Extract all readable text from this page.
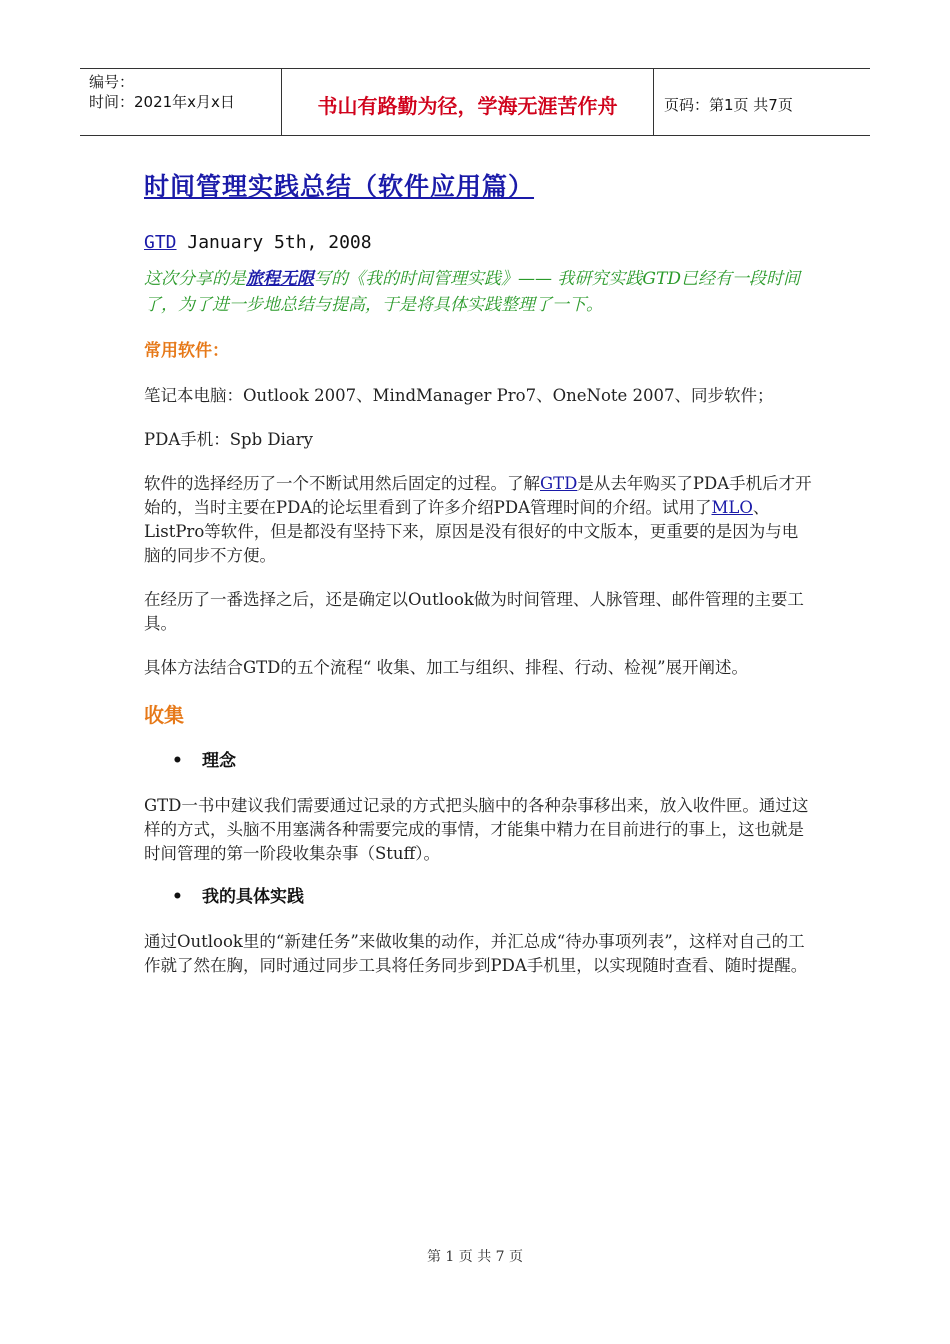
编号：
时间：2021年x月x日	书山有路勤为径，学海无涯苦作舟	页码：第1页 共7页
时间管理实践总结（软件应用篇）
GTD January 5th, 2008
这次分享的是旅程无限写的《我的时间管理实践》—— 我研究实践GTD已经有一段时间了，为了进一步地总结与提高，于是将具体实践整理了一下。
常用软件：

笔记本电脑：Outlook 2007、MindManager Pro7、OneNote 2007、同步软件；

PDA手机：Spb Diary

软件的选择经历了一个不断试用然后固定的过程。了解GTD是从去年购买了PDA手机后才开始的，当时主要在PDA的论坛里看到了许多介绍PDA管理时间的介绍。试用了MLO、ListPro等软件，但是都没有坚持下来，原因是没有很好的中文版本，更重要的是因为与电脑的同步不方便。

在经历了一番选择之后，还是确定以Outlook做为时间管理、人脉管理、邮件管理的主要工具。

具体方法结合GTD的五个流程“ 收集、加工与组织、排程、行动、检视”展开阐述。

收集
• 理念

GTD一书中建议我们需要通过记录的方式把头脑中的各种杂事移出来，放入收件匣。通过这样的方式，头脑不用塞满各种需要完成的事情，才能集中精力在目前进行的事上，这也就是时间管理的第一阶段收集杂事（Stuff）。

• 我的具体实践

通过Outlook里的“新建任务”来做收集的动作，并汇总成“待办事项列表”，这样对自己的工作就了然在胸，同时通过同步工具将任务同步到PDA手机里，以实现随时查看、随时提醒。

第 1 页 共 7 页
